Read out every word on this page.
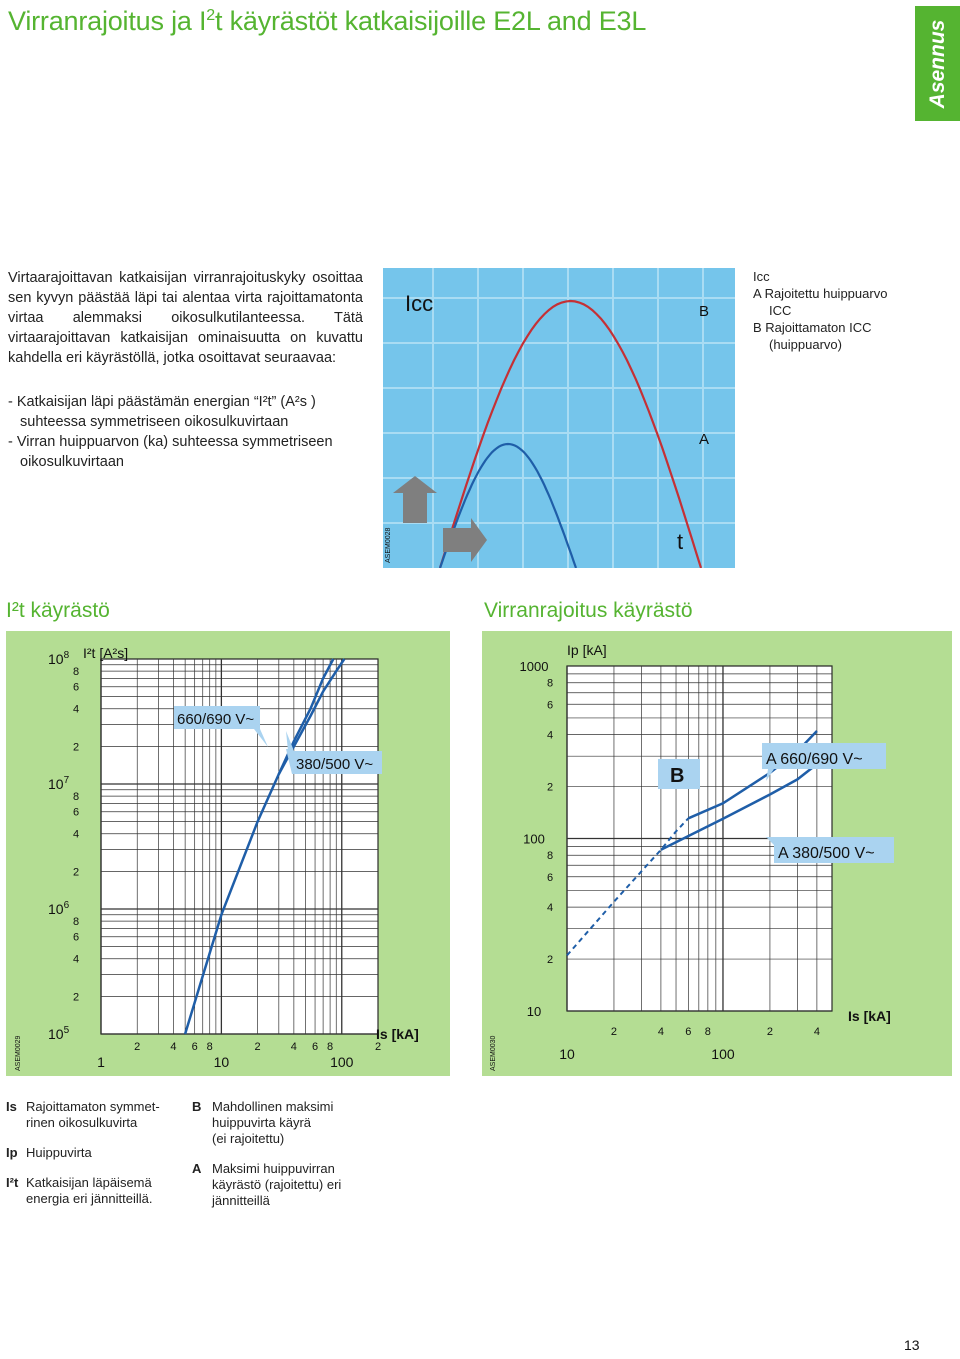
Virranrajoitus ja $I^2t$ käyrästöt katkaisijoille E2L and E3L	Asennus
Virtaarajoittavan katkaisijan virranrajoituskyky osoittaa sen kyvyn päästää läpi tai alentaa virta rajoittamatonta virtaa alemmaksi oikosulkutilanteessa. Tätä virtaarajoittavan katkaisijan ominaisuutta on kuvattu kahdella eri käyrästöllä, jotka osoittavat seuraavaa:
- Katkaisijan läpi päästämän energian “I²t” (A²s ) suhteessa symmetriseen oikosulkuvirtaan
- Virran huippuarvon (ka) suhteessa symmetriseen oikosulkuvirtaan
Icc	B
A
t
ASEM0028
Icc
A Rajoitettu huippuarvo
ICC
B Rajoittamaton ICC
(huippuarvo)
I²t käyrästö	Virranrajoitus käyrästö
$10^8$
8
6
4
2
$10^7$
8
6
4
2
$10^6$
8
6
4
2
$10^5$
1	10	100
2	2
4	4
6	6
8	8	2
I²t [A²s]
Is [kA]
660/690 V~
380/500 V~
ASEM0029
1000
100
10
8
6
4
2
8
6
4
2
10	100
2	4 6 8	2	4
Ip [kA]
Is [kA]
B
A 660/690 V~
A 380/500 V~
ASEM0030
Is Rajoittamaton symmet-
rinen oikosulkuvirta
Ip Huippuvirta
I²t Katkaisijan läpäisemä
energia eri jännitteillä.
B Mahdollinen maksimi
huippuvirta käyrä
(ei rajoitettu)
A Maksimi huippuvirran
käyrästö (rajoitettu) eri
jännitteillä
13
